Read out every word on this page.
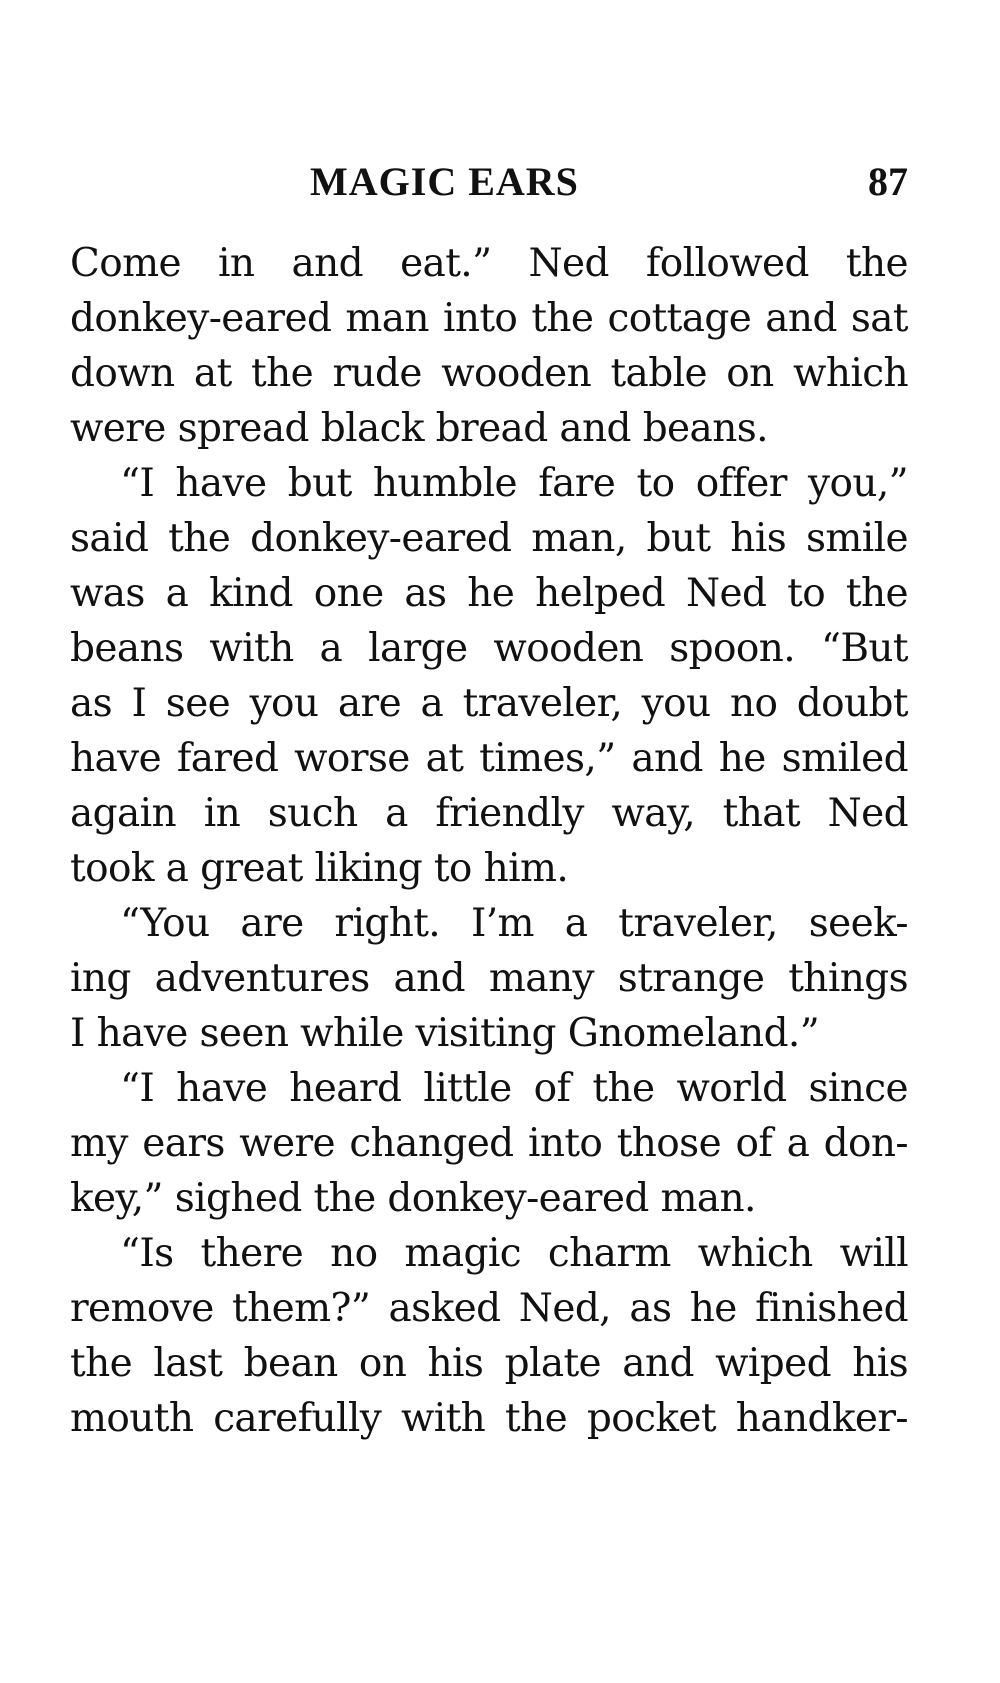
MAGIC EARS	87
Come in and eat.” Ned followed the
donkey-eared man into the cottage and sat
down at the rude wooden table on which
were spread black bread and beans.
“I have but humble fare to offer you,”
said the donkey-eared man, but his smile
was a kind one as he helped Ned to the
beans with a large wooden spoon. “But
as I see you are a traveler, you no doubt
have fared worse at times,” and he smiled
again in such a friendly way, that Ned
took a great liking to him.
“You are right. I’m a traveler, seek-
ing adventures and many strange things
I have seen while visiting Gnomeland.”
“I have heard little of the world since
my ears were changed into those of a don-
key,” sighed the donkey-eared man.
“Is there no magic charm which will
remove them?” asked Ned, as he finished
the last bean on his plate and wiped his
mouth carefully with the pocket handker-
